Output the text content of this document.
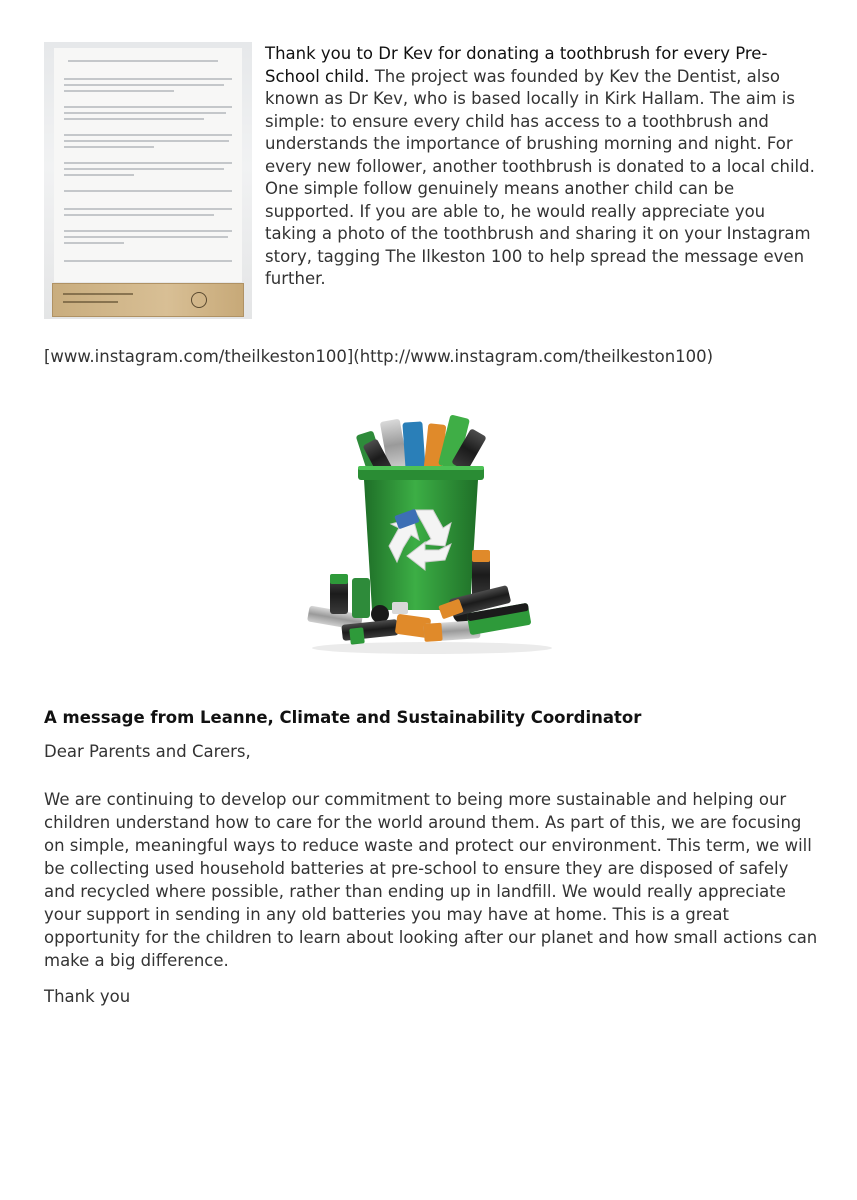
Thank you to Dr Kev for donating a toothbrush for every Pre-School child. The project was founded by Kev the Dentist, also known as Dr Kev, who is based locally in Kirk Hallam. The aim is simple: to ensure every child has access to a toothbrush and understands the importance of brushing morning and night. For every new follower, another toothbrush is donated to a local child. One simple follow genuinely means another child can be supported. If you are able to, he would really appreciate you taking a photo of the toothbrush and sharing it on your Instagram story, tagging The Ilkeston 100 to help spread the message even further.

[www.instagram.com/theilkeston100](http://www.instagram.com/theilkeston100)

A message from Leanne, Climate and Sustainability Coordinator

Dear Parents and Carers,

We are continuing to develop our commitment to being more sustainable and helping our children understand how to care for the world around them. As part of this, we are focusing on simple, meaningful ways to reduce waste and protect our environment. This term, we will be collecting used household batteries at pre-school to ensure they are disposed of safely and recycled where possible, rather than ending up in landfill. We would really appreciate your support in sending in any old batteries you may have at home. This is a great opportunity for the children to learn about looking after our planet and how small actions can make a big difference.

Thank you
